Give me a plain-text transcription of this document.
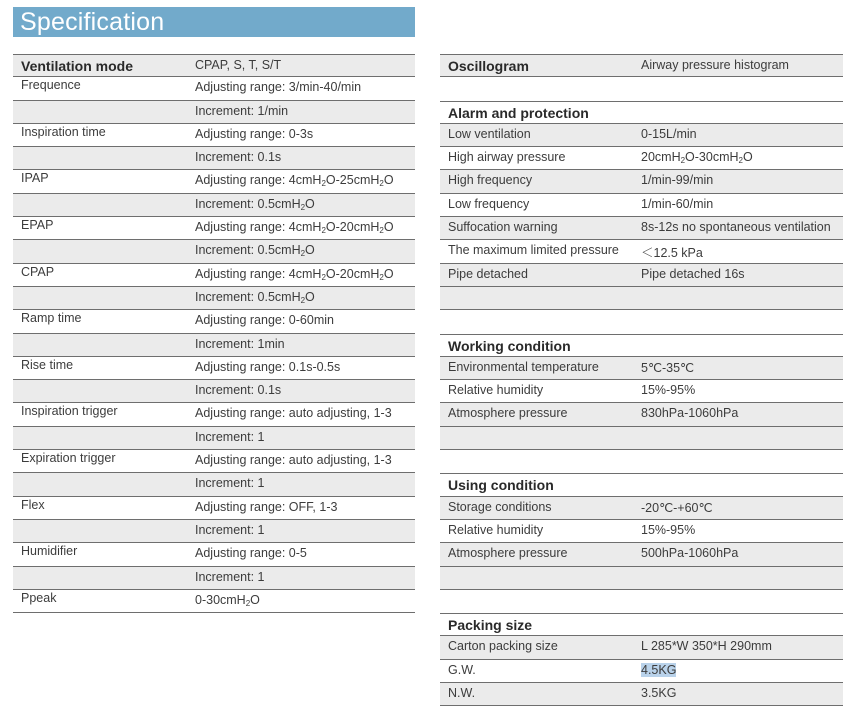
Specification
Ventilation mode	CPAP, S, T, S/T
Frequence	Adjusting range: 3/min-40/min
Increment: 1/min
Inspiration time	Adjusting range: 0-3s
Increment: 0.1s
IPAP	Adjusting range: 4cmH$_2$O-25cmH$_2$O
Increment: 0.5cmH$_2$O
EPAP	Adjusting range: 4cmH$_2$O-20cmH$_2$O
Increment: 0.5cmH$_2$O
CPAP	Adjusting range: 4cmH$_2$O-20cmH$_2$O
Increment: 0.5cmH$_2$O
Ramp time	Adjusting range: 0-60min
Increment: 1min
Rise time	Adjusting range: 0.1s-0.5s
Increment: 0.1s
Inspiration trigger	Adjusting range: auto adjusting, 1-3
Increment: 1
Expiration trigger	Adjusting range: auto adjusting, 1-3
Increment: 1
Flex	Adjusting range: OFF, 1-3
Increment: 1
Humidifier	Adjusting range: 0-5
Increment: 1
Ppeak	0-30cmH$_2$O
Oscillogram	Airway pressure histogram
Alarm and protection
Low ventilation	0-15L/min
High airway pressure	20cmH$_2$O-30cmH$_2$O
High frequency	1/min-99/min
Low frequency	1/min-60/min
Suffocation warning	8s-12s no spontaneous ventilation
The maximum limited pressure ＜12.5 kPa
Pipe detached	Pipe detached 16s
Working condition
Environmental temperature	5℃-35℃
Relative humidity	15%-95%
Atmosphere pressure	830hPa-1060hPa
Using condition
Storage conditions	-20℃-+60℃
Relative humidity	15%-95%
Atmosphere pressure	500hPa-1060hPa
Packing size
Carton packing size	L 285*W 350*H 290mm
G.W.	4.5KG
N.W.	3.5KG
